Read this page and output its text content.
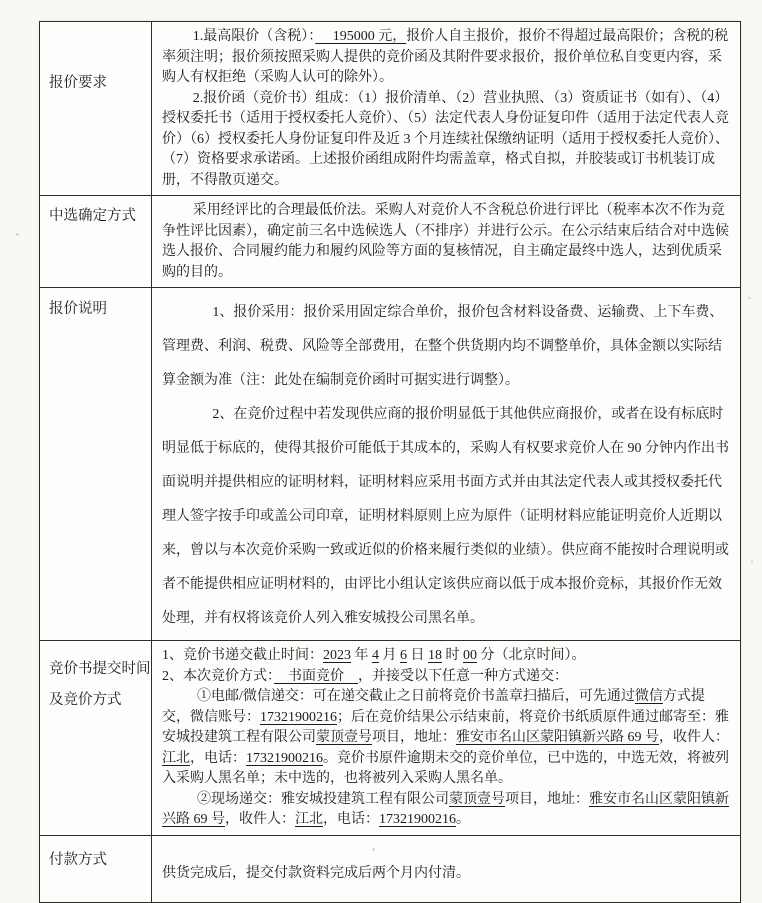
报价要求
1.最高限价（含税）：　 195000 元，报价人自主报价，报价不得超过最高限价；含税的税率须注明；报价须按照采购人提供的竞价函及其附件要求报价，报价单位私自变更内容，采购人有权拒绝（采购人认可的除外）。
2.报价函（竞价书）组成：（1）报价清单、（2）营业执照、（3）资质证书（如有）、（4）授权委托书（适用于授权委托人竞价）、（5）法定代表人身份证复印件（适用于法定代表人竞价）（6）授权委托人身份证复印件及近 3 个月连续社保缴纳证明（适用于授权委托人竞价）、（7）资格要求承诺函。上述报价函组成附件均需盖章，格式自拟，并胶装或订书机装订成册，不得散页递交。
中选确定方式	采用经评比的合理最低价法。采购人对竞价人不含税总价进行评比（税率本次不作为竞争性评比因素），确定前三名中选候选人（不排序）并进行公示。在公示结束后结合对中选候选人报价、合同履约能力和履约风险等方面的复核情况，自主确定最终中选人，达到优质采购的目的。
报价说明	1、报价采用：报价采用固定综合单价，报价包含材料设备费、运输费、上下车费、管理费、利润、税费、风险等全部费用，在整个供货期内均不调整单价，具体金额以实际结算金额为准（注：此处在编制竞价函时可据实进行调整）。
2、在竞价过程中若发现供应商的报价明显低于其他供应商报价，或者在设有标底时明显低于标底的，使得其报价可能低于其成本的，采购人有权要求竞价人在 90 分钟内作出书面说明并提供相应的证明材料，证明材料应采用书面方式并由其法定代表人或其授权委托代理人签字按手印或盖公司印章，证明材料原则上应为原件（证明材料应能证明竞价人近期以来，曾以与本次竞价采购一致或近似的价格来履行类似的业绩）。供应商不能按时合理说明或者不能提供相应证明材料的，由评比小组认定该供应商以低于成本报价竞标，其报价作无效处理，并有权将该竞价人列入雅安城投公司黑名单。
竞价书提交时间
及竞价方式
1、竞价书递交截止时间：2023 年 4 月 6 日 18 时 00 分（北京时间）。
2、本次竞价方式：　书面竞价　，并接受以下任意一种方式递交：
①电邮/微信递交：可在递交截止之日前将竞价书盖章扫描后，可先通过微信方式提交，微信账号：17321900216；后在竞价结果公示结束前，将竞价书纸质原件通过邮寄至：雅安城投建筑工程有限公司蒙顶壹号项目，地址：雅安市名山区蒙阳镇新兴路 69 号，收件人：江北，电话：17321900216。竞价书原件逾期未交的竞价单位，已中选的，中选无效，将被列入采购人黑名单；未中选的，也将被列入采购人黑名单。
②现场递交：雅安城投建筑工程有限公司蒙顶壹号项目，地址：雅安市名山区蒙阳镇新兴路 69 号，收件人：江北，电话：17321900216。
付款方式
供货完成后，提交付款资料完成后两个月内付清。
